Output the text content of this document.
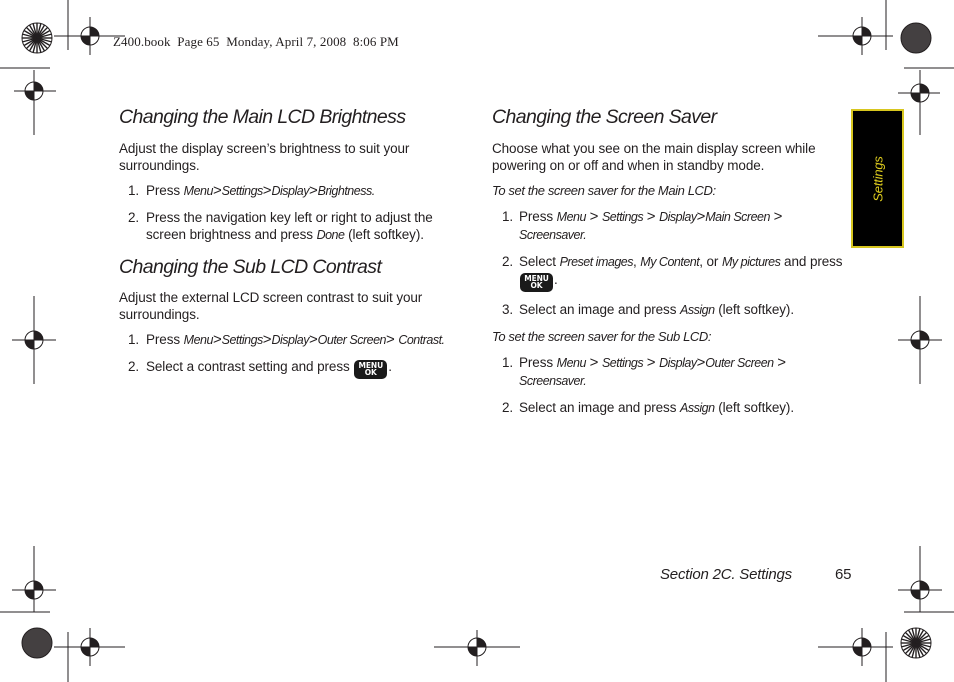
Z400.book  Page 65  Monday, April 7, 2008  8:06 PM
Changing the Main LCD Brightness

Adjust the display screen’s brightness to suit your surroundings.

1. Press Menu>Settings>Display>Brightness.
2. Press the navigation key left or right to adjust the screen brightness and press Done (left softkey).
Changing the Sub LCD Contrast

Adjust the external LCD screen contrast to suit your surroundings.

1. Press Menu>Settings>Display>Outer Screen> Contrast.
2. Select a contrast setting and press	MENU
OK .
Changing the Screen Saver

Choose what you see on the main display screen while powering on or off and when in standby mode.

To set the screen saver for the Main LCD:

1. Press Menu > Settings > Display>Main Screen > Screensaver.
2. Select Preset images, My Content, or My pictures and press
MENU
OK .
3. Select an image and press Assign (left softkey).

To set the screen saver for the Sub LCD:

1. Press Menu > Settings > Display>Outer Screen > Screensaver.
2. Select an image and press Assign (left softkey).
Settings
Section 2C. Settings	65
